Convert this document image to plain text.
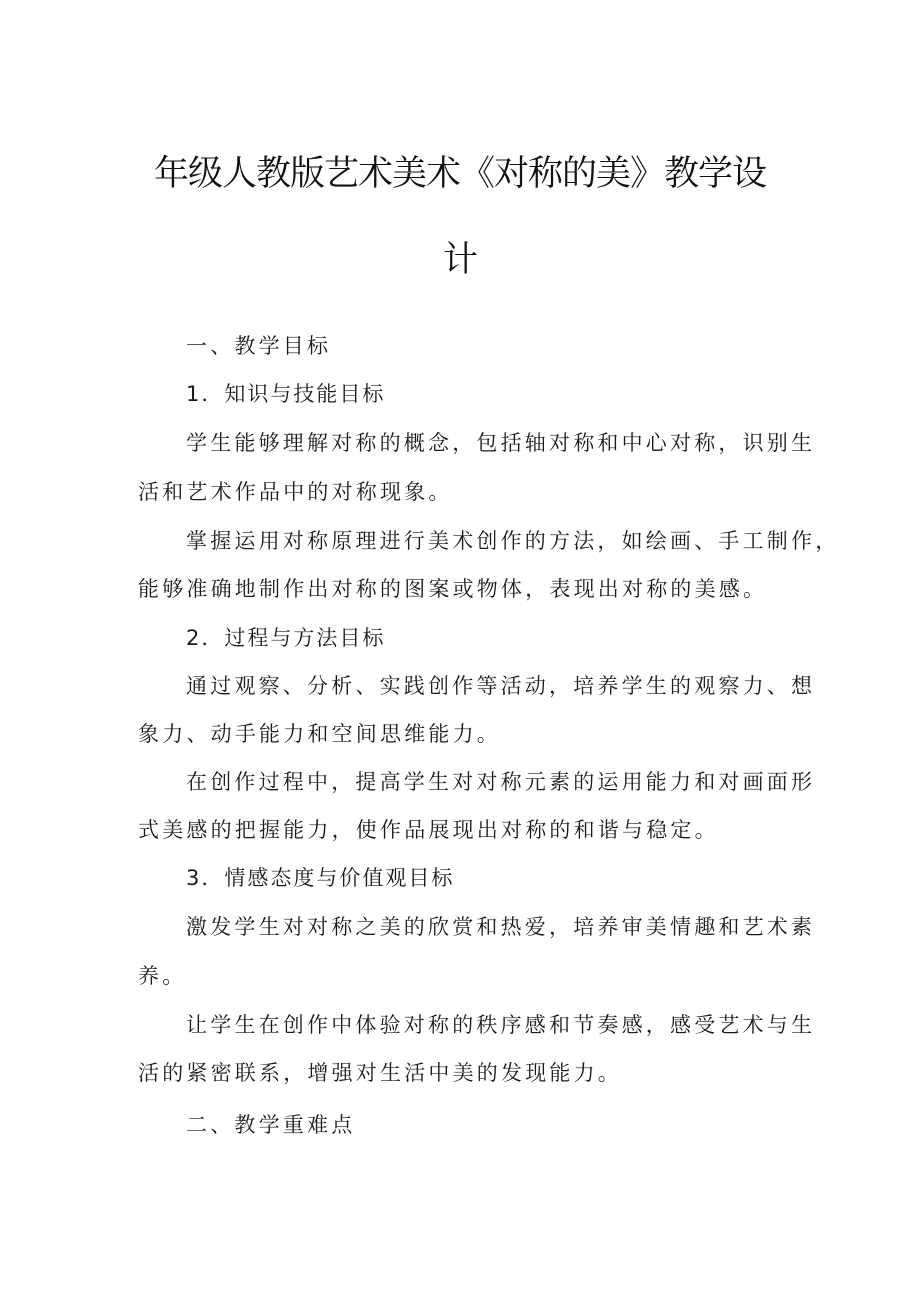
年级人教版艺术美术《对称的美》教学设
计
一、教学目标
1．知识与技能目标
学生能够理解对称的概念，包括轴对称和中心对称，识别生
活和艺术作品中的对称现象。
掌握运用对称原理进行美术创作的方法，如绘画、手工制作，
能够准确地制作出对称的图案或物体，表现出对称的美感。
2．过程与方法目标
通过观察、分析、实践创作等活动，培养学生的观察力、想
象力、动手能力和空间思维能力。
在创作过程中，提高学生对对称元素的运用能力和对画面形
式美感的把握能力，使作品展现出对称的和谐与稳定。
3．情感态度与价值观目标
激发学生对对称之美的欣赏和热爱，培养审美情趣和艺术素
养。
让学生在创作中体验对称的秩序感和节奏感，感受艺术与生
活的紧密联系，增强对生活中美的发现能力。
二、教学重难点
